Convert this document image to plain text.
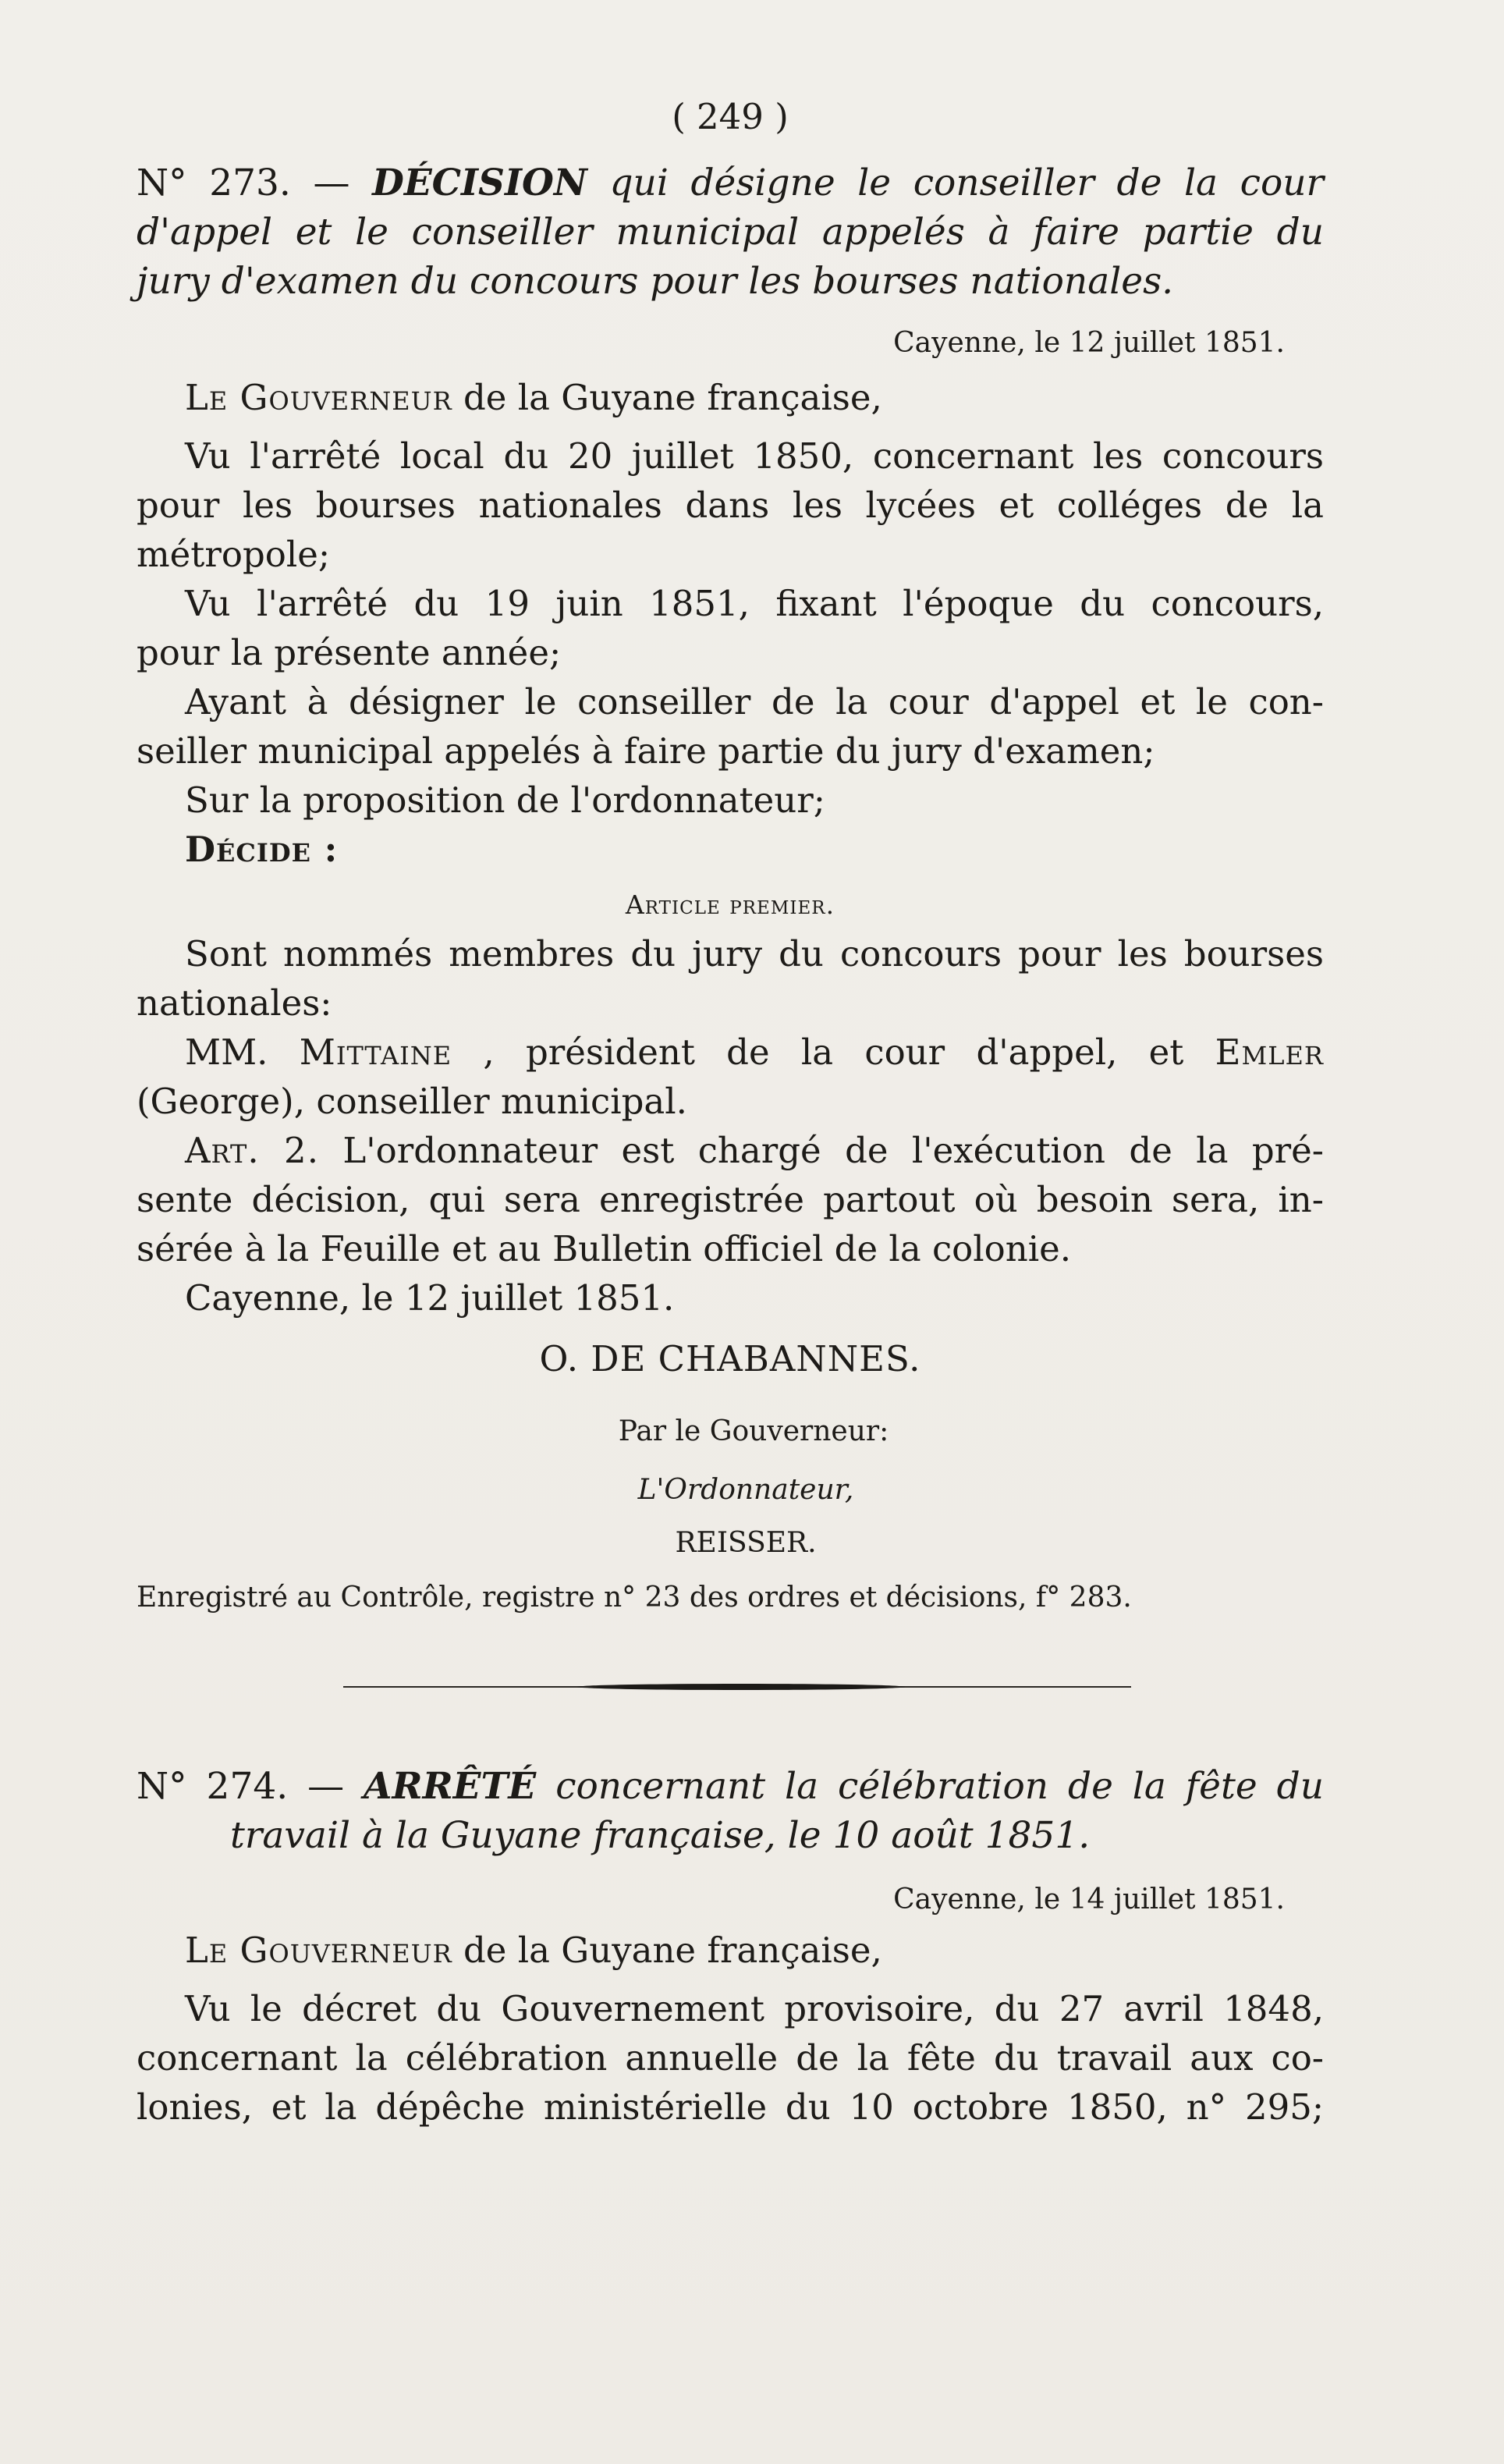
( 249 )
N° 273. — DÉCISION qui désigne le conseiller de la cour
d'appel et le conseiller municipal appelés à faire partie du
jury d'examen du concours pour les bourses nationales.
Cayenne, le 12 juillet 1851.
Le Gouverneur de la Guyane française,
Vu l'arrêté local du 20 juillet 1850, concernant les concours
pour les bourses nationales dans les lycées et colléges de la
métropole;
Vu l'arrêté du 19 juin 1851, fixant l'époque du concours,
pour la présente année;
Ayant à désigner le conseiller de la cour d'appel et le con-
seiller municipal appelés à faire partie du jury d'examen;
Sur la proposition de l'ordonnateur;
Décide :
Article premier.
Sont nommés membres du jury du concours pour les bourses
nationales:
MM. Mittaine , président de la cour d'appel, et Emler
(George), conseiller municipal.
Art. 2. L'ordonnateur est chargé de l'exécution de la pré-
sente décision, qui sera enregistrée partout où besoin sera, in-
sérée à la Feuille et au Bulletin officiel de la colonie.
Cayenne, le 12 juillet 1851.
O. DE CHABANNES.
Par le Gouverneur:
L'Ordonnateur,
REISSER.
Enregistré au Contrôle, registre n° 23 des ordres et décisions, f° 283.
N° 274. — ARRÊTÉ concernant la célébration de la fête du
travail à la Guyane française, le 10 août 1851.
Cayenne, le 14 juillet 1851.
Le Gouverneur de la Guyane française,
Vu le décret du Gouvernement provisoire, du 27 avril 1848,
concernant la célébration annuelle de la fête du travail aux co-
lonies, et la dépêche ministérielle du 10 octobre 1850, n° 295;
